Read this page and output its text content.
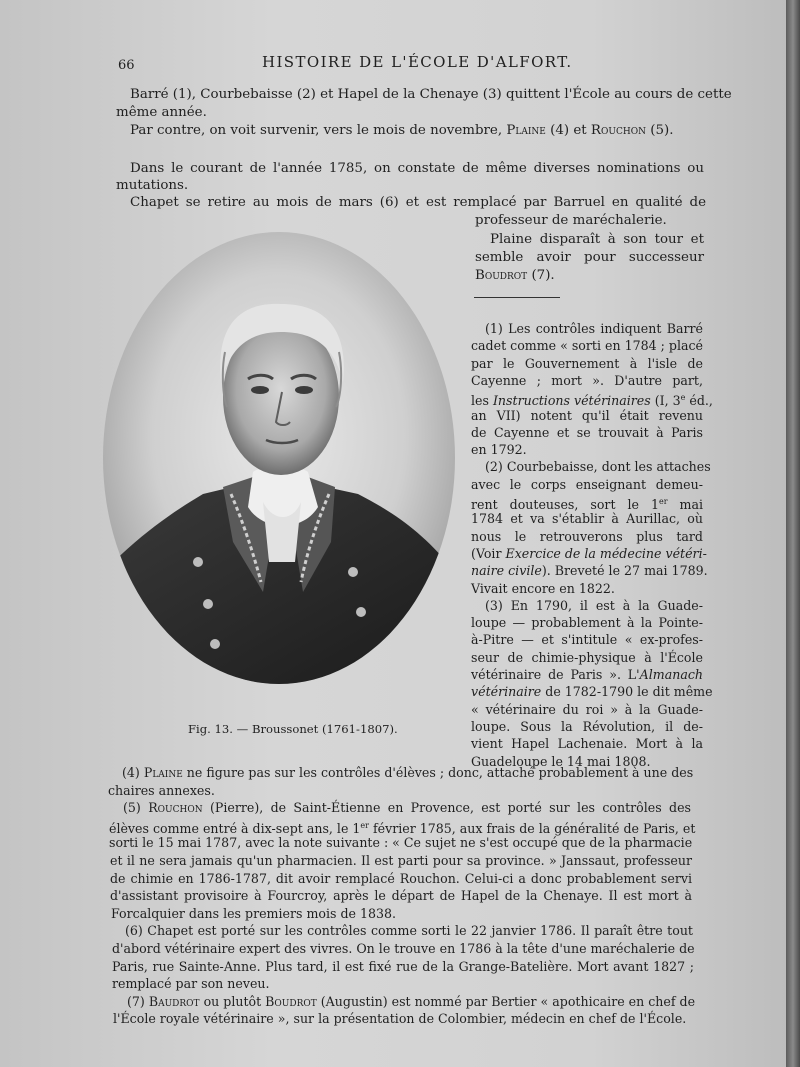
66	HISTOIRE DE L'ÉCOLE D'ALFORT.
Barré (1), Courbebaisse (2) et Hapel de la Chenaye (3) quittent l'École au cours de cette
même année.
Par contre, on voit survenir, vers le mois de novembre, Plaine (4) et Rouchon (5).
Dans le courant de l'année 1785, on constate de même diverses nominations ou
mutations.
Chapet se retire au mois de mars (6) et est remplacé par Barruel en qualité de
professeur de maréchalerie.
Plaine disparaît à son tour et
semble avoir pour successeur
Boudrot (7).
Fig. 13. — Broussonet (1761-1807).
(1) Les contrôles indiquent Barré
cadet comme « sorti en 1784 ; placé
par le Gouvernement à l'isle de
Cayenne ; mort ». D'autre part,
les Instructions vétérinaires (I, 3e éd.,
an VII) notent qu'il était revenu
de Cayenne et se trouvait à Paris
en 1792.
(2) Courbebaisse, dont les attaches
avec le corps enseignant demeu-
rent douteuses, sort le 1er mai
1784 et va s'établir à Aurillac, où
nous le retrouverons plus tard
(Voir Exercice de la médecine vétéri-
naire civile). Breveté le 27 mai 1789.
Vivait encore en 1822.
(3) En 1790, il est à la Guade-
loupe — probablement à la Pointe-
à-Pitre — et s'intitule « ex-profes-
seur de chimie-physique à l'École
vétérinaire de Paris ». L'Almanach
vétérinaire de 1782-1790 le dit même
« vétérinaire du roi » à la Guade-
loupe. Sous la Révolution, il de-
vient Hapel Lachenaie. Mort à la
Guadeloupe le 14 mai 1808.
(4) Plaine ne figure pas sur les contrôles d'élèves ; donc, attaché probablement à une des
chaires annexes.
(5) Rouchon (Pierre), de Saint-Étienne en Provence, est porté sur les contrôles des
élèves comme entré à dix-sept ans, le 1er février 1785, aux frais de la généralité de Paris, et
sorti le 15 mai 1787, avec la note suivante : « Ce sujet ne s'est occupé que de la pharmacie
et il ne sera jamais qu'un pharmacien. Il est parti pour sa province. » Janssaut, professeur
de chimie en 1786-1787, dit avoir remplacé Rouchon. Celui-ci a donc probablement servi
d'assistant provisoire à Fourcroy, après le départ de Hapel de la Chenaye. Il est mort à
Forcalquier dans les premiers mois de 1838.
(6) Chapet est porté sur les contrôles comme sorti le 22 janvier 1786. Il paraît être tout
d'abord vétérinaire expert des vivres. On le trouve en 1786 à la tête d'une maréchalerie de
Paris, rue Sainte-Anne. Plus tard, il est fixé rue de la Grange-Batelière. Mort avant 1827 ;
remplacé par son neveu.
(7) Baudrot ou plutôt Boudrot (Augustin) est nommé par Bertier « apothicaire en chef de
l'École royale vétérinaire », sur la présentation de Colombier, médecin en chef de l'École.
